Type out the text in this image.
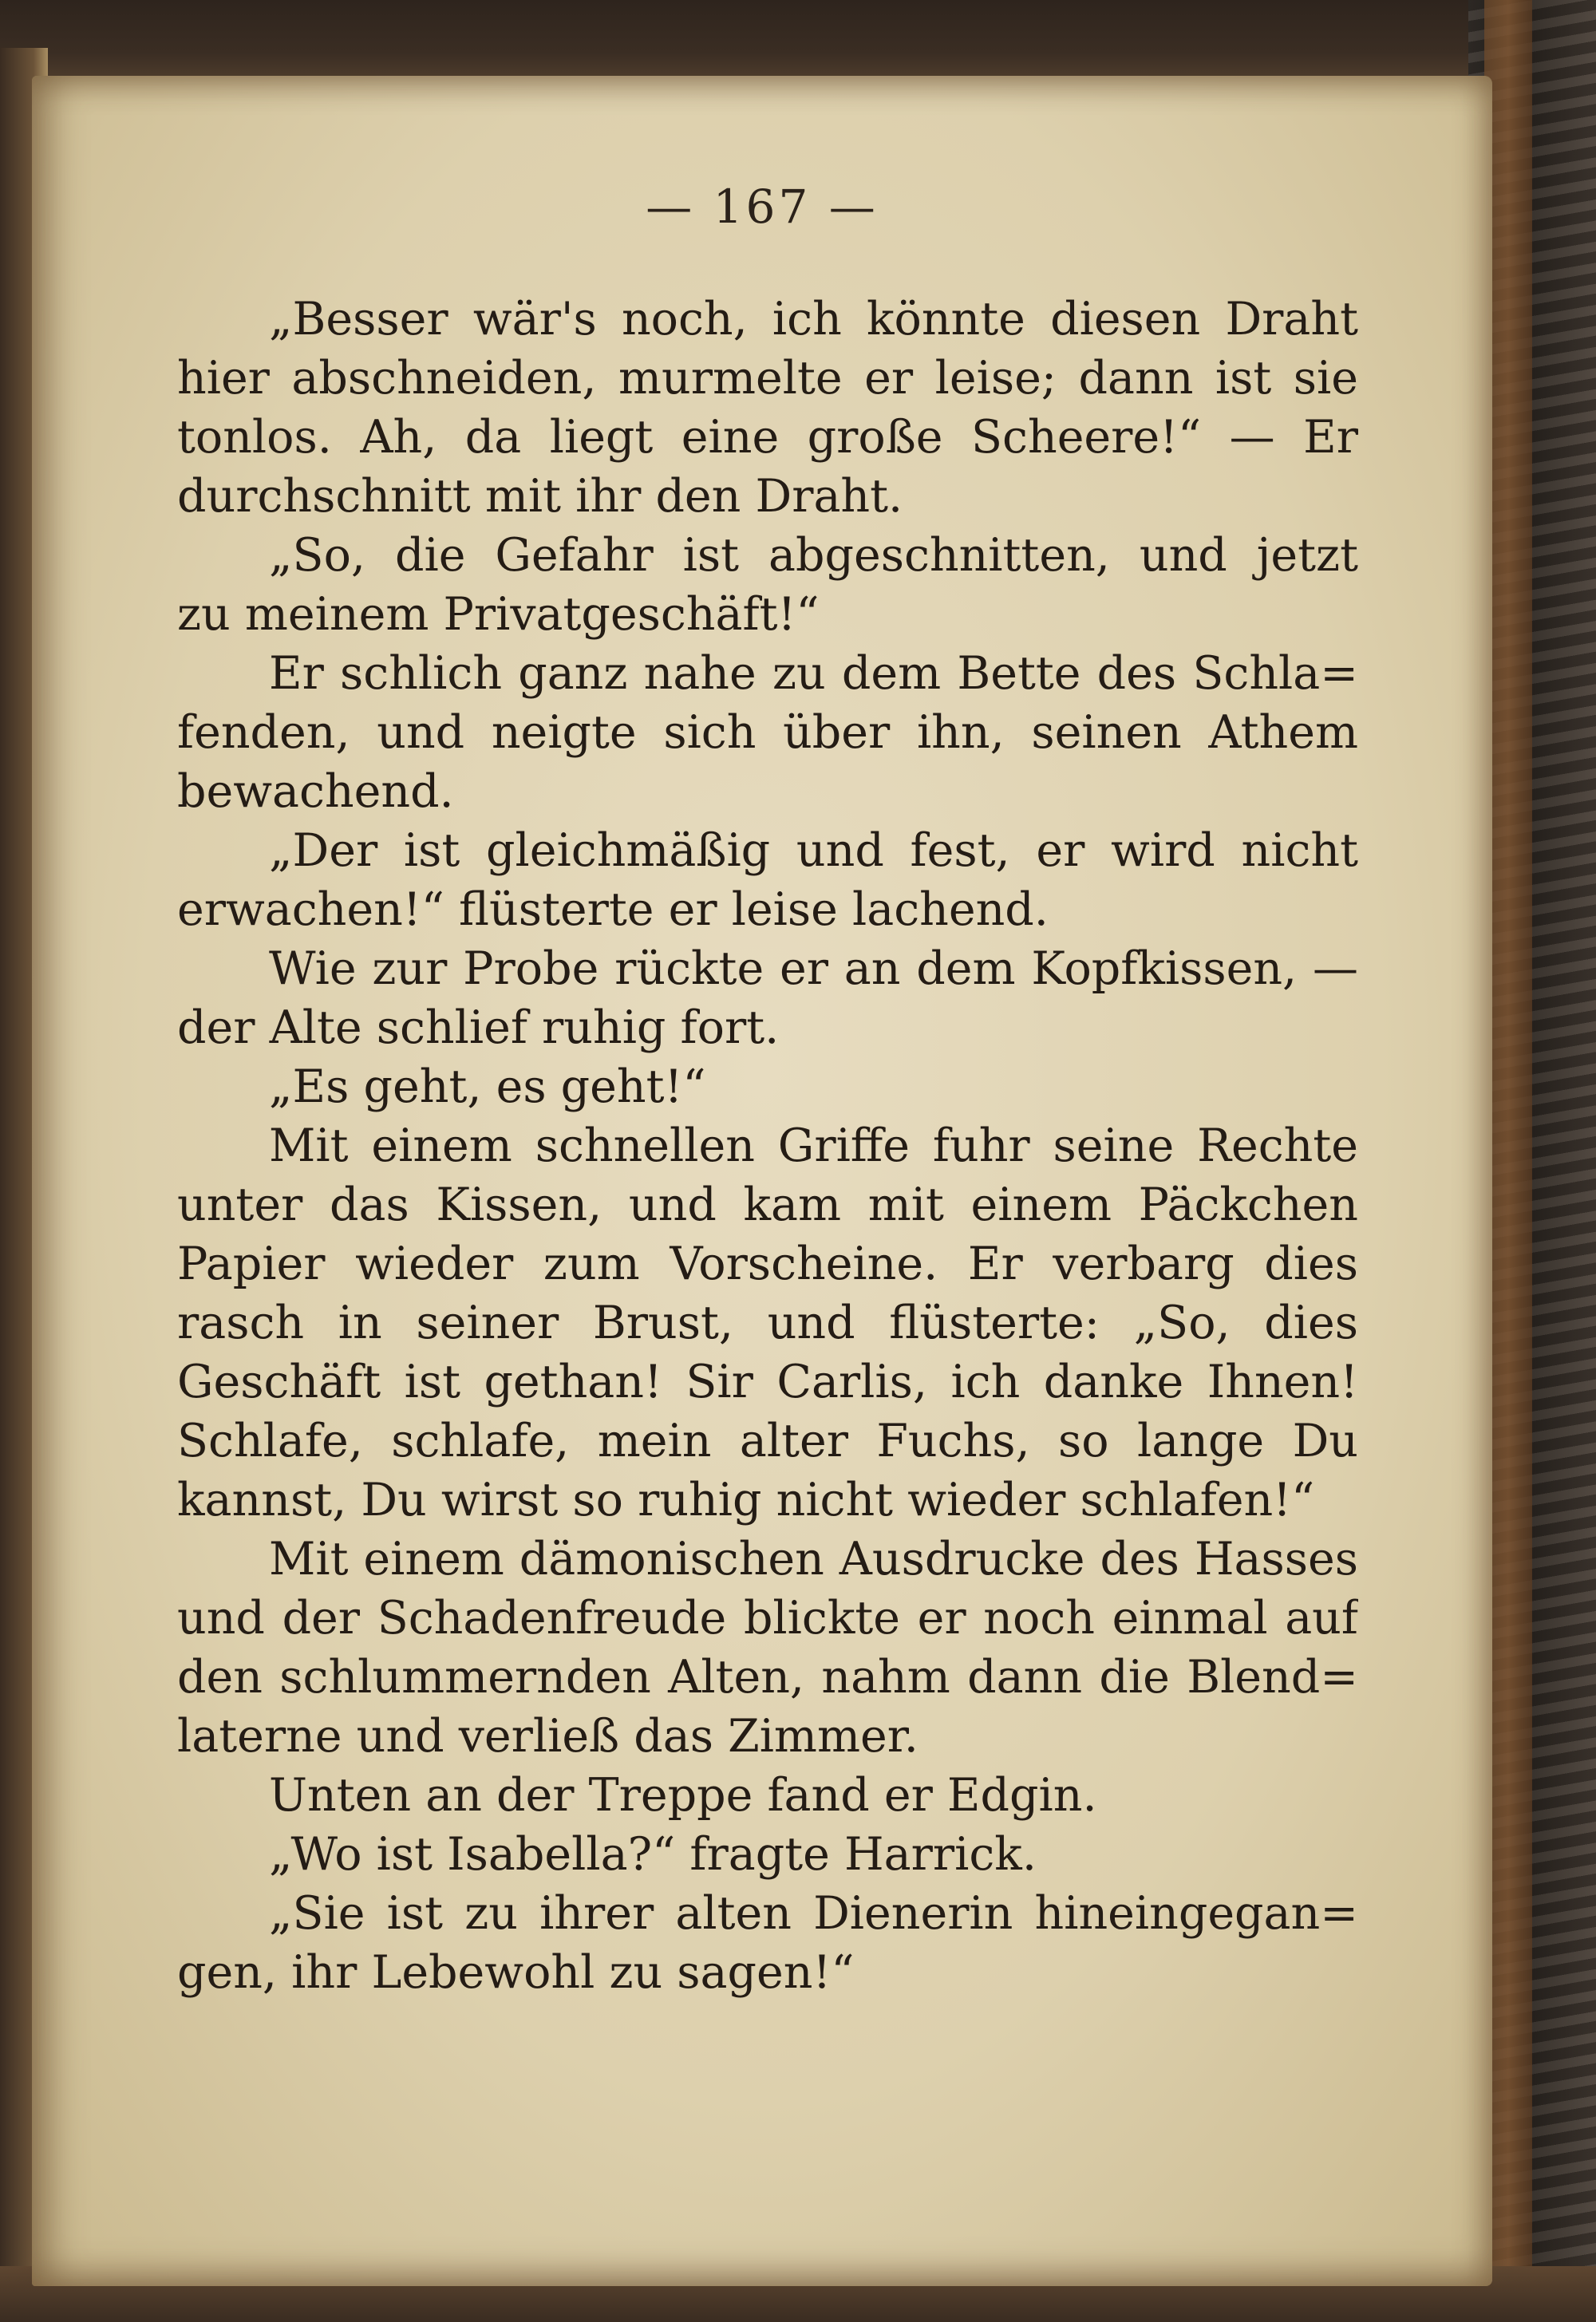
— 167 —
„Besser wär's noch, ich könnte diesen Draht
hier abschneiden, murmelte er leise; dann ist sie
tonlos. Ah, da liegt eine große Scheere!“ — Er
durchschnitt mit ihr den Draht.
„So, die Gefahr ist abgeschnitten, und jetzt
zu meinem Privatgeschäft!“
Er schlich ganz nahe zu dem Bette des Schla=
fenden, und neigte sich über ihn, seinen Athem
bewachend.
„Der ist gleichmäßig und fest, er wird nicht
erwachen!“ flüsterte er leise lachend.
Wie zur Probe rückte er an dem Kopfkissen, —
der Alte schlief ruhig fort.
„Es geht, es geht!“
Mit einem schnellen Griffe fuhr seine Rechte
unter das Kissen, und kam mit einem Päckchen
Papier wieder zum Vorscheine. Er verbarg dies
rasch in seiner Brust, und flüsterte: „So, dies
Geschäft ist gethan! Sir Carlis, ich danke Ihnen!
Schlafe, schlafe, mein alter Fuchs, so lange Du
kannst, Du wirst so ruhig nicht wieder schlafen!“
Mit einem dämonischen Ausdrucke des Hasses
und der Schadenfreude blickte er noch einmal auf
den schlummernden Alten, nahm dann die Blend=
laterne und verließ das Zimmer.
Unten an der Treppe fand er Edgin.
„Wo ist Isabella?“ fragte Harrick.
„Sie ist zu ihrer alten Dienerin hineingegan=
gen, ihr Lebewohl zu sagen!“
